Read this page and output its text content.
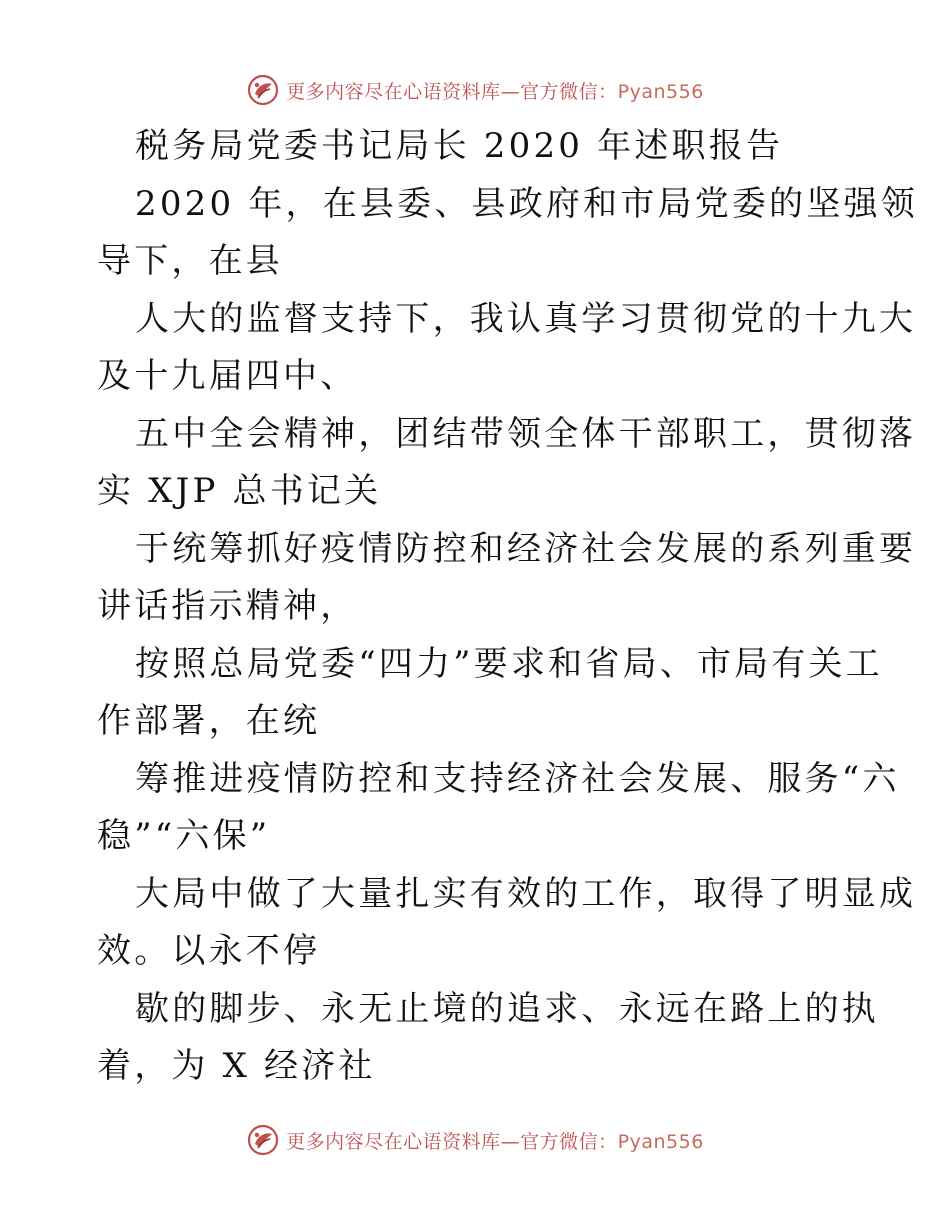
更多内容尽在心语资料库—官方微信：Pyan556
税务局党委书记局长 2020 年述职报告
2020 年，在县委、县政府和市局党委的坚强领
导下，在县
人大的监督支持下，我认真学习贯彻党的十九大
及十九届四中、
五中全会精神，团结带领全体干部职工，贯彻落
实 XJP 总书记关
于统筹抓好疫情防控和经济社会发展的系列重要
讲话指示精神，
按照总局党委“四力”要求和省局、市局有关工
作部署，在统
筹推进疫情防控和支持经济社会发展、服务“六
稳”“六保”
大局中做了大量扎实有效的工作，取得了明显成
效。以永不停
歇的脚步、永无止境的追求、永远在路上的执
着，为 X 经济社
更多内容尽在心语资料库—官方微信：Pyan556
